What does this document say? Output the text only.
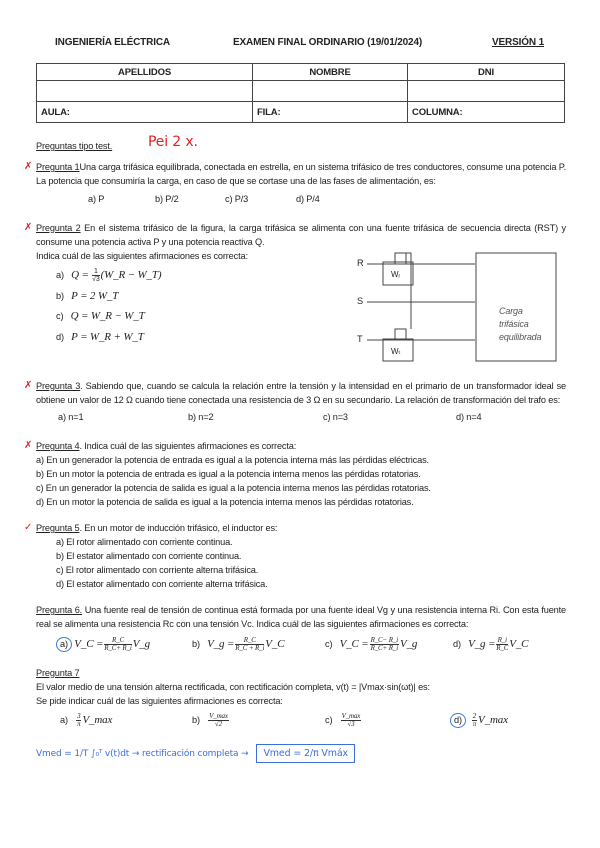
INGENIERÍA ELÉCTRICA	EXAMEN FINAL ORDINARIO (19/01/2024)	VERSIÓN 1
APELLIDOS	NOMBRE	DNI

AULA:	FILA:	COLUMNA:
Preguntas tipo test.	Pei 2 x.
✗ Pregunta 1Una carga trifásica equilibrada, conectada en estrella, en un sistema trifásico de tres conductores, consume una potencia P. La potencia que consumiría la carga, en caso de que se cortase una de las fases de alimentación, es:
a) P	b) P/2	c) P/3	d) P/4
✗ Pregunta 2 En el sistema trifásico de la figura, la carga trifásica se alimenta con una fuente trifásica de secuencia directa (RST) y consume una potencia activa P y una potencia reactiva Q.
Indica cuál de las siguientes afirmaciones es correcta:
a) $Q = \frac{1}{√3}$ (W_R − W_T)
b) P = 2 W_T
c) Q = W_R − W_T
d) P = W_R + W_T
R
S
T
Wᵣ
Wₜ
Carga
trifásica
equilibrada
✗ Pregunta 3. Sabiendo que, cuando se calcula la relación entre la tensión y la intensidad en el primario de un transformador ideal se obtiene un valor de 12 Ω cuando tiene conectada una resistencia de 3 Ω en su secundario. La relación de transformación del trafo es:
a) n=1	b) n=2	c) n=3	d) n=4
✗ Pregunta 4. Indica cuál de las siguientes afirmaciones es correcta:
a) En un generador la potencia de entrada es igual a la potencia interna más las pérdidas eléctricas.
b) En un motor la potencia de entrada es igual a la potencia interna menos las pérdidas rotatorias.
c) En un generador la potencia de salida es igual a la potencia interna menos las pérdidas rotatorias.
d) En un motor la potencia de salida es igual a la potencia interna menos las pérdidas rotatorias.
✓ Pregunta 5. En un motor de inducción trifásico, el inductor es:
a) El rotor alimentado con corriente continua.
b) El estator alimentado con corriente continua.
c) El rotor alimentado con corriente alterna trifásica.
d) El estator alimentado con corriente alterna trifásica.
Pregunta 6. Una fuente real de tensión de continua está formada por una fuente ideal Vg y una resistencia interna Ri. Con esta fuente real se alimenta una resistencia Rc con una tensión Vc. Indica cuál de las siguientes afirmaciones es correcta:
a) V_C = $\frac{R\_C}{R\_C+ R\_i}$ V_g	b) V_g = $\frac{R\_C}{R\_C + R\_i}$ V_C	c) V_C = $\frac{R\_C- R\_i}{R\_C+ R\_i}$ V_g	d) V_g = $\frac{R\_i}{R\_C}$ V_C
Pregunta 7
El valor medio de una tensión alterna rectificada, con rectificación completa, v(t) = |Vmax·sin(ωt)| es:
Se pide indicar cuál de las siguientes afirmaciones es correcta:
$a) \frac{3}{\pi}$ V_max	b) V_max
√2	c) V_max
√3	$d) \frac{2}{\pi}$ V_max
Vmed = 1/T ∫₀ᵀ v(t)dt → rectificación completa →	Vmed = 2/π Vmáx
